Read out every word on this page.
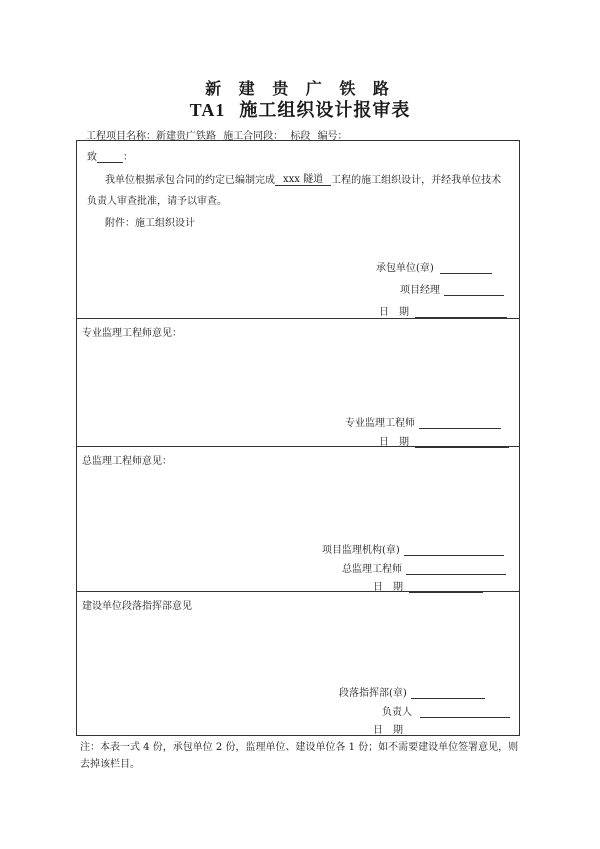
新 建 贵 广 铁 路
TA1 施工组织设计报审表
工程项目名称：新建贵广铁路 施工合同段： 标段 编号：
致	：
我单位根据承包合同的约定已编制完成 xxx 隧道 工程的施工组织设计，并经我单位技术
负责人审查批准，请予以审查。
附件：施工组织设计
承包单位(章)
项目经理
日　期
专业监理工程师意见：
专业监理工程师
日　期
总监理工程师意见：
项目监理机构(章)
总监理工程师
日　期
建设单位段落指挥部意见
段落指挥部(章)
负责人
日　期
注：本表一式 4 份，承包单位 2 份，监理单位、建设单位各 1 份；如不需要建设单位签署意见，则去掉该栏目。
